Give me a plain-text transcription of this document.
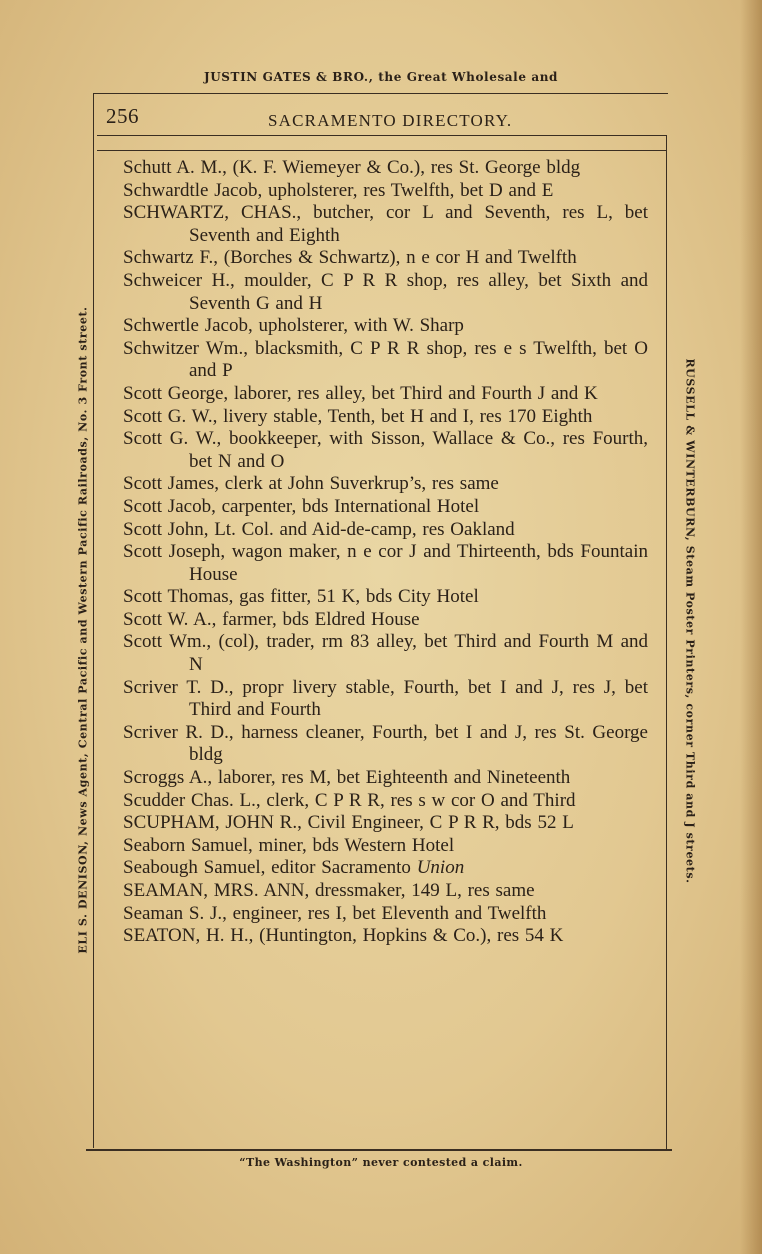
JUSTIN GATES & BRO., the Great Wholesale and
ELI S. DENISON, News Agent, Central Pacific and Western Pacific Railroads, No. 3 Front street.	RUSSELL & WINTERBURN, Steam Poster Printers, corner Third and J streets.
256	SACRAMENTO DIRECTORY.
Schutt A. M., (K. F. Wiemeyer & Co.), res St. George bldg
Schwardtle Jacob, upholsterer, res Twelfth, bet D and E
SCHWARTZ, CHAS., butcher, cor L and Seventh, res L, bet Seventh and Eighth
Schwartz F., (Borches & Schwartz), n e cor H and Twelfth
Schweicer H., moulder, C P R R shop, res alley, bet Sixth and Seventh G and H
Schwertle Jacob, upholsterer, with W. Sharp
Schwitzer Wm., blacksmith, C P R R shop, res e s Twelfth, bet O and P
Scott George, laborer, res alley, bet Third and Fourth J and K
Scott G. W., livery stable, Tenth, bet H and I, res 170 Eighth
Scott G. W., bookkeeper, with Sisson, Wallace & Co., res Fourth, bet N and O
Scott James, clerk at John Suverkrup’s, res same
Scott Jacob, carpenter, bds International Hotel
Scott John, Lt. Col. and Aid-de-camp, res Oakland
Scott Joseph, wagon maker, n e cor J and Thirteenth, bds Fountain House
Scott Thomas, gas fitter, 51 K, bds City Hotel
Scott W. A., farmer, bds Eldred House
Scott Wm., (col), trader, rm 83 alley, bet Third and Fourth M and N
Scriver T. D., propr livery stable, Fourth, bet I and J, res J, bet Third and Fourth
Scriver R. D., harness cleaner, Fourth, bet I and J, res St. George bldg
Scroggs A., laborer, res M, bet Eighteenth and Nineteenth
Scudder Chas. L., clerk, C P R R, res s w cor O and Third
SCUPHAM, JOHN R., Civil Engineer, C P R R, bds 52 L
Seaborn Samuel, miner, bds Western Hotel
Seabough Samuel, editor Sacramento Union
SEAMAN, MRS. ANN, dressmaker, 149 L, res same
Seaman S. J., engineer, res I, bet Eleventh and Twelfth
SEATON, H. H., (Huntington, Hopkins & Co.), res 54 K
“The Washington” never contested a claim.
